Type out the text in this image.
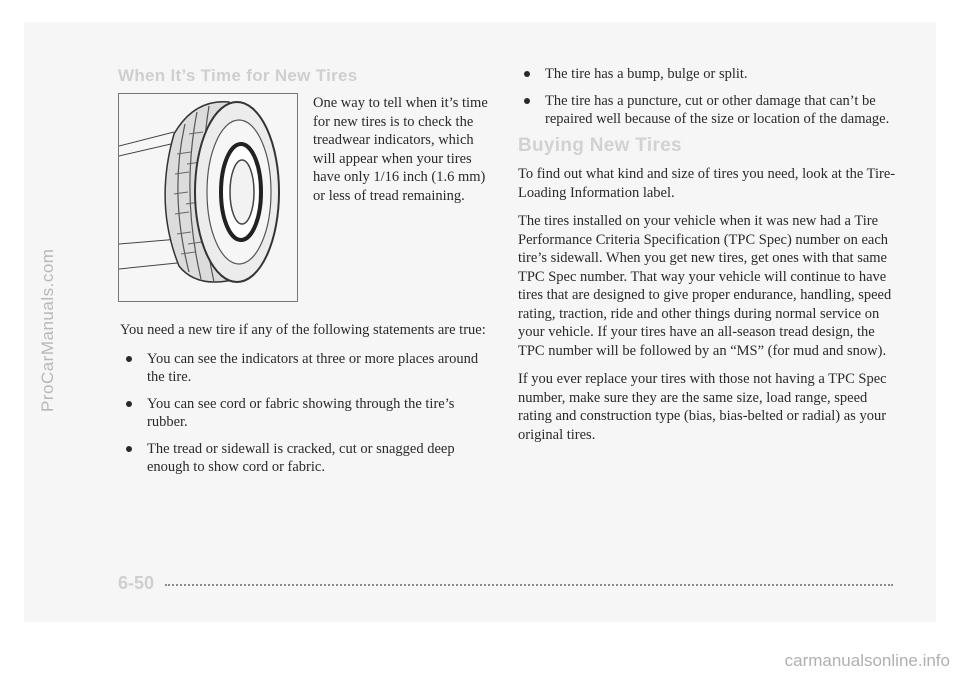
ProCarManuals.com
When It’s Time for New Tires
One way to tell when it’s time for new tires is to check the treadwear indicators, which will appear when your tires have only 1/16 inch (1.6 mm) or less of tread remaining.

You need a new tire if any of the following statements are true:

You can see the indicators at three or more places around the tire.
You can see cord or fabric showing through the tire’s rubber.
The tread or sidewall is cracked, cut or snagged deep enough to show cord or fabric.
The tire has a bump, bulge or split.
The tire has a puncture, cut or other damage that can’t be repaired well because of the size or location of the damage.
Buying New Tires

To find out what kind and size of tires you need, look at the Tire-Loading Information label.

The tires installed on your vehicle when it was new had a Tire Performance Criteria Specification (TPC Spec) number on each tire’s sidewall. When you get new tires, get ones with that same TPC Spec number. That way your vehicle will continue to have tires that are designed to give proper endurance, handling, speed rating, traction, ride and other things during normal service on your vehicle. If your tires have an all-season tread design, the TPC number will be followed by an “MS” (for mud and snow).

If you ever replace your tires with those not having a TPC Spec number, make sure they are the same size, load range, speed rating and construction type (bias, bias-belted or radial) as your original tires.

6-50
carmanualsonline.info
